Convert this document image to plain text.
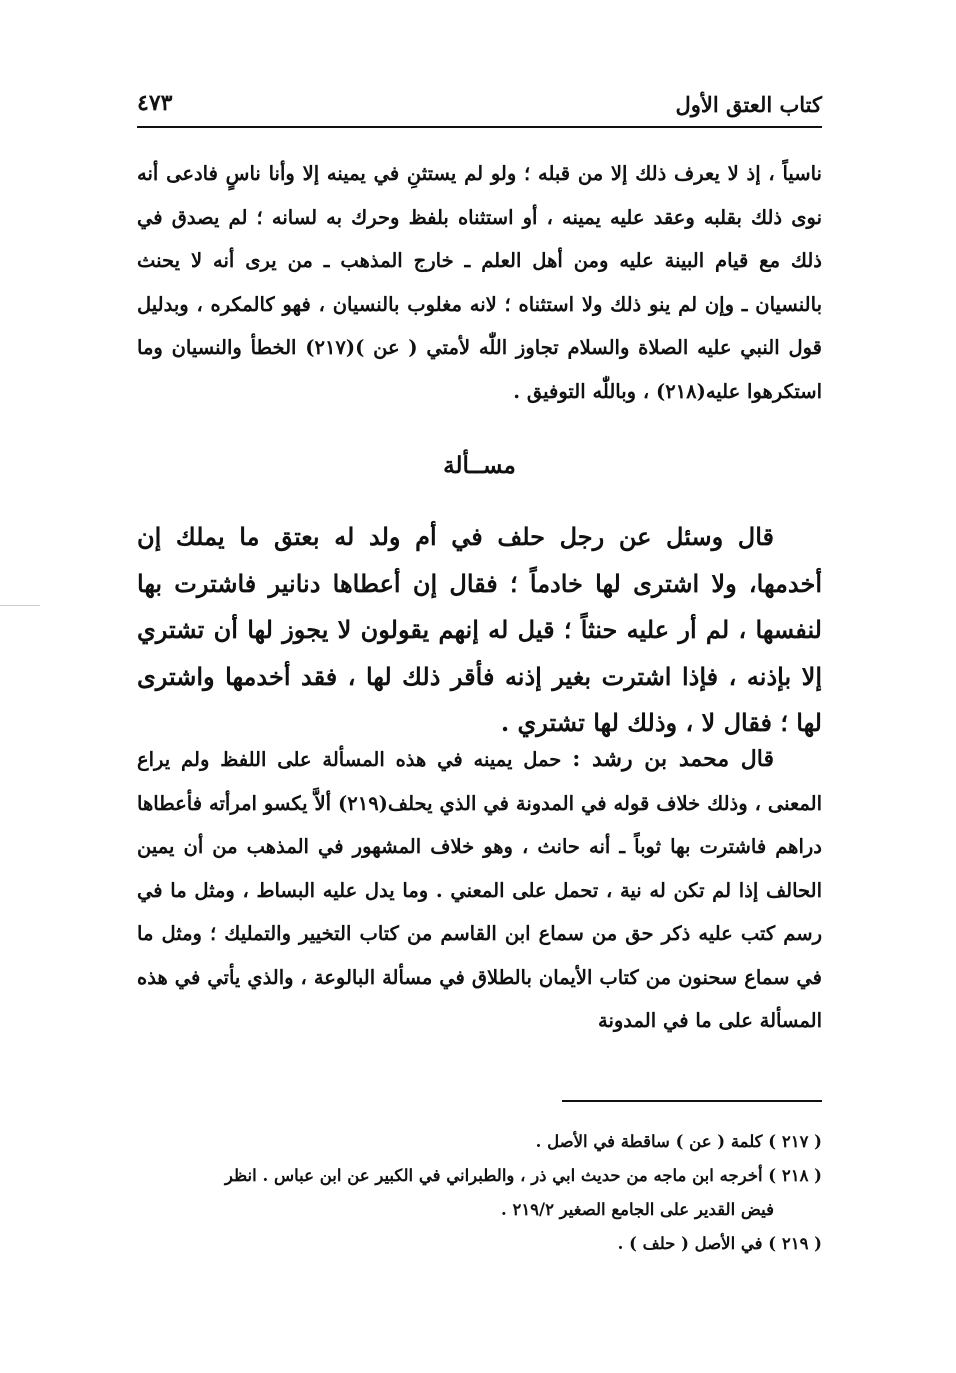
كتاب العتق الأول
٤٧٣
ناسياً ، إذ لا يعرف ذلك إلا من قبله ؛ ولو لم يستثنِ في يمينه إلا وأنا ناسٍ فادعى أنه نوى ذلك بقلبه وعقد عليه يمينه ، أو استثناه بلفظ وحرك به لسانه ؛ لم يصدق في ذلك مع قيام البينة عليه ومن أهل العلم ـ خارج المذهب ـ من يرى أنه لا يحنث بالنسيان ـ وإن لم ينو ذلك ولا استثناه ؛ لانه مغلوب بالنسيان ، فهو كالمكره ، وبدليل قول النبي عليه الصلاة والسلام تجاوز اللّٰه لأمتي ( عن )(٢١٧) الخطأ والنسيان وما استكرهوا عليه(٢١٨) ، وباللّٰه التوفيق .
مســألة
قال وسئل عن رجل حلف في أم ولد له بعتق ما يملك إن أخدمها، ولا اشترى لها خادماً ؛ فقال إن أعطاها دنانير فاشترت بها لنفسها ، لم أر عليه حنثاً ؛ قيل له إنهم يقولون لا يجوز لها أن تشتري إلا بإذنه ، فإذا اشترت بغير إذنه فأقر ذلك لها ، فقد أخدمها واشترى لها ؛ فقال لا ، وذلك لها تشتري .
قال محمد بن رشد : حمل يمينه في هذه المسألة على اللفظ ولم يراع المعنى ، وذلك خلاف قوله في المدونة في الذي يحلف(٢١٩) ألاَّ يكسو امرأته فأعطاها دراهم فاشترت بها ثوباً ـ أنه حانث ، وهو خلاف المشهور في المذهب من أن يمين الحالف إذا لم تكن له نية ، تحمل على المعني . وما يدل عليه البساط ، ومثل ما في رسم كتب عليه ذكر حق من سماع ابن القاسم من كتاب التخيير والتمليك ؛ ومثل ما في سماع سحنون من كتاب الأيمان بالطلاق في مسألة البالوعة ، والذي يأتي في هذه المسألة على ما في المدونة

( ٢١٧ ) كلمة ( عن ) ساقطة في الأصل .

( ٢١٨ ) أخرجه ابن ماجه من حديث ابي ذر ، والطبراني في الكبير عن ابن عباس . انظر
فيض القدير على الجامع الصغير ٢١٩/٢ .

( ٢١٩ ) في الأصل ( حلف ) .
